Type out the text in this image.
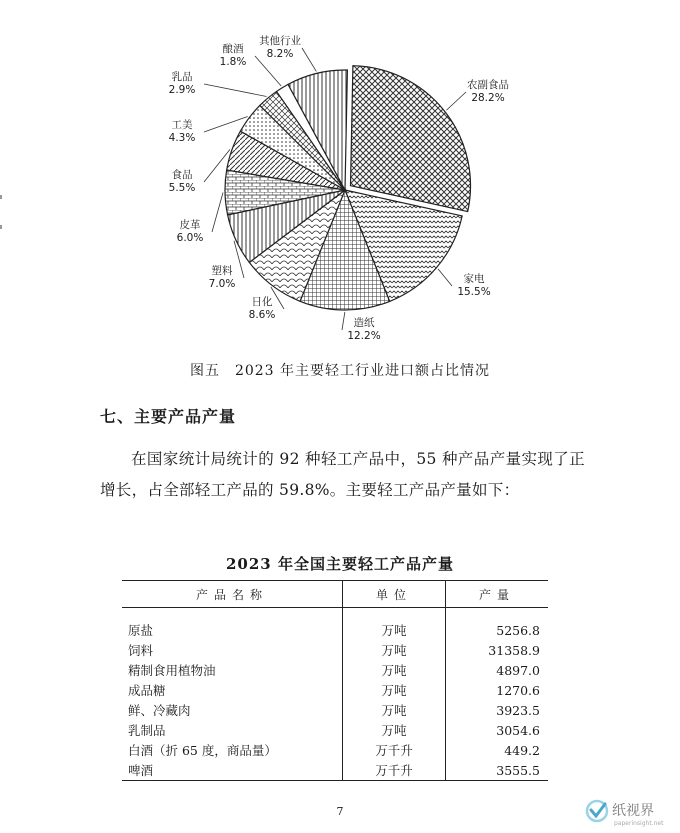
农副食品
28.2%
家电
15.5%
造纸
12.2%
日化
8.6%
塑料
7.0%
皮革
6.0%
食品
5.5%
工美
4.3%
乳品
2.9%
酿酒
1.8%
其他行业
8.2%
图五　2023 年主要轻工行业进口额占比情况
七、主要产品产量

在国家统计局统计的 92 种轻工产品中，55 种产品产量实现了正增长，占全部轻工产品的 59.8%。主要轻工产品产量如下：

2023 年全国主要轻工产品产量
产品名称	单位	产量

原盐	万吨	5256.8
饲料	万吨	31358.9
精制食用植物油	万吨	4897.0
成品糖	万吨	1270.6
鲜、冷藏肉	万吨	3923.5
乳制品	万吨	3054.6
白酒（折 65 度，商品量）	万千升	449.2
啤酒	万千升	3555.5
7	纸视界
paperinsight.net
